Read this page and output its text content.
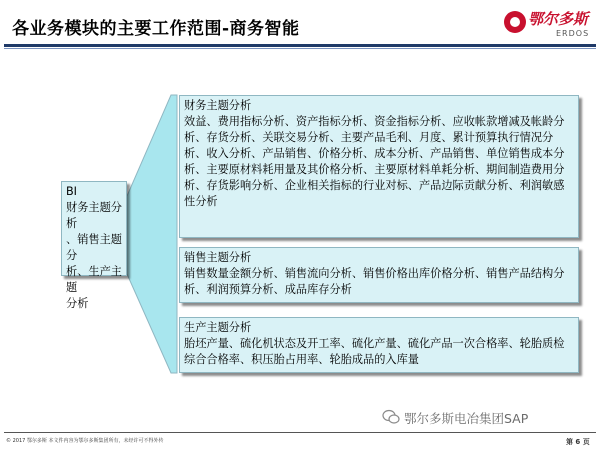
各业务模块的主要工作范围-商务智能	鄂尔多斯
ERDOS
BI
财务主题分析
、销售主题分
析、生产主题
分析
财务主题分析
效益、费用指标分析、资产指标分析、资金指标分析、应收帐款增减及帐龄分析、存货分析、关联交易分析、主要产品毛利、月度、累计预算执行情况分析、收入分析、产品销售、价格分析、成本分析、产品销售、单位销售成本分析、主要原材料耗用量及其价格分析、主要原材料单耗分析、期间制造费用分析、存货影响分析、企业相关指标的行业对标、产品边际贡献分析、利润敏感性分析
销售主题分析
销售数量金额分析、销售流向分析、销售价格出库价格分析、销售产品结构分析、利润预算分析、成品库存分析
生产主题分析
胎坯产量、硫化机状态及开工率、硫化产量、硫化产品一次合格率、轮胎质检综合合格率、积压胎占用率、轮胎成品的入库量
鄂尔多斯电冶集团SAP
© 2017 鄂尔多斯 本文件内容为鄂尔多斯集团所有，未经许可不得外传	第 6 页
